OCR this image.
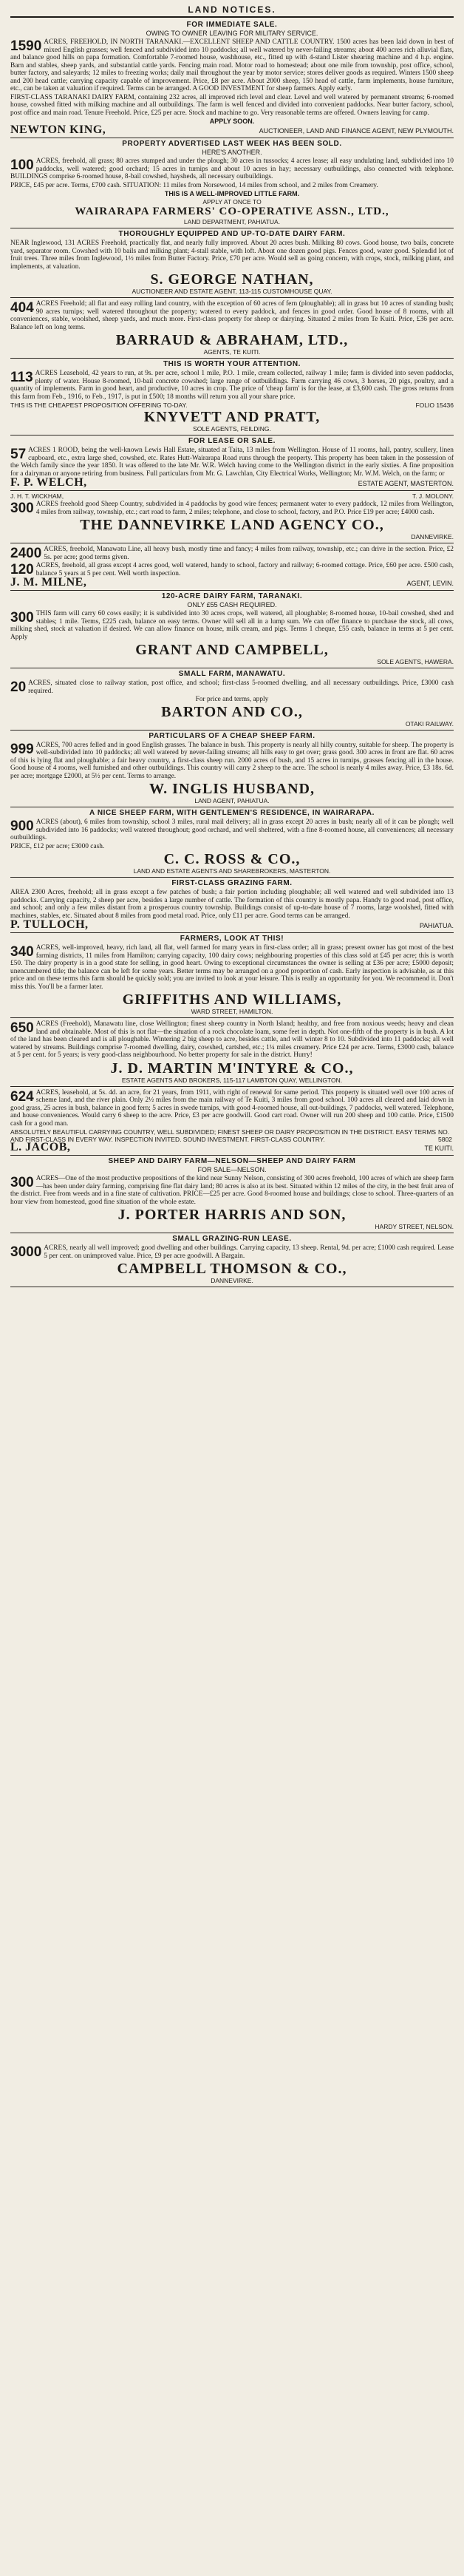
LAND NOTICES.
FOR IMMEDIATE SALE.
OWING TO OWNER LEAVING FOR MILITARY SERVICE.
1590 ACRES, FREEHOLD, IN NORTH TARANAKI.—EXCELLENT SHEEP AND CATTLE COUNTRY. 1500 acres has been laid down in best of mixed English grasses; well fenced and subdivided into 10 paddocks; all well watered by never-failing streams; about 400 acres rich alluvial flats, and balance good hills on papa formation. Comfortable 7-roomed house, washhouse, etc., fitted up with 4-stand Lister shearing machine and 4 h.p. engine. Barn and stables, sheep yards, and substantial cattle yards. Fencing main road. Motor road to homestead; about one mile from township, post office, school, butter factory, and saleyards; 12 miles to freezing works; daily mail throughout the year by motor service; stores deliver goods as required. Winters 1500 sheep and 200 head cattle; carrying capacity capable of improvement. Price, £8 per acre. About 2000 sheep, 150 head of cattle, farm implements, house furniture, etc., can be taken at valuation if required. Terms can be arranged. A GOOD INVESTMENT for sheep farmers. Apply early.
FIRST-CLASS TARANAKI DAIRY FARM, containing 232 acres, all improved rich level and clear. Level and well watered by permanent streams; 6-roomed house, cowshed fitted with milking machine and all outbuildings. The farm is well fenced and divided into convenient paddocks. Near butter factory, school, post office and main road. Tenure Freehold. Price, £25 per acre. Stock and machine to go. Very reasonable terms are offered. Owners leaving for camp.
APPLY SOON.
NEWTON KING,	AUCTIONEER, LAND AND FINANCE AGENT, NEW PLYMOUTH.
PROPERTY ADVERTISED LAST WEEK HAS BEEN SOLD.
HERE'S ANOTHER.
100 ACRES, freehold, all grass; 80 acres stumped and under the plough; 30 acres in tussocks; 4 acres lease; all easy undulating land, subdivided into 10 paddocks, well watered; good orchard; 15 acres in turnips and about 10 acres in hay; necessary outbuildings, also connected with telephone. BUILDINGS comprise 6-roomed house, 8-bail cowshed, haysheds, all necessary outbuildings.
PRICE, £45 per acre. Terms, £700 cash. SITUATION: 11 miles from Norsewood, 14 miles from school, and 2 miles from Creamery.
THIS IS A WELL-IMPROVED LITTLE FARM.
APPLY AT ONCE TO
WAIRARAPA FARMERS' CO-OPERATIVE ASSN., LTD.,
LAND DEPARTMENT, PAHIATUA.
THOROUGHLY EQUIPPED AND UP-TO-DATE DAIRY FARM.
NEAR Inglewood, 131 ACRES Freehold, practically flat, and nearly fully improved. About 20 acres bush. Milking 80 cows. Good house, two bails, concrete yard, separator room. Cowshed with 10 bails and milking plant; 4-stall stable, with loft. About one dozen good pigs. Fences good, water good. Splendid lot of fruit trees. Three miles from Inglewood, 1½ miles from Butter Factory. Price, £70 per acre. Would sell as going concern, with crops, stock, milking plant, and implements, at valuation.
S. GEORGE NATHAN,
AUCTIONEER AND ESTATE AGENT, 113-115 CUSTOMHOUSE QUAY.
404 ACRES Freehold; all flat and easy rolling land country, with the exception of 60 acres of fern (ploughable); all in grass but 10 acres of standing bush; 90 acres turnips; well watered throughout the property; watered to every paddock, and fences in good order. Good house of 8 rooms, with all conveniences, stable, woolshed, sheep yards, and much more. First-class property for sheep or dairying. Situated 2 miles from Te Kuiti. Price, £36 per acre. Balance left on long terms.
BARRAUD & ABRAHAM, LTD.,
AGENTS, TE KUITI.
THIS IS WORTH YOUR ATTENTION.
113 ACRES Leasehold, 42 years to run, at 9s. per acre, school 1 mile, P.O. 1 mile, cream collected, railway 1 mile; farm is divided into seven paddocks, plenty of water. House 8-roomed, 10-bail concrete cowshed; large range of outbuildings. Farm carrying 46 cows, 3 horses, 20 pigs, poultry, and a quantity of implements. Farm in good heart, and productive, 10 acres in crop. The price of 'cheap farm' is for the lease, at £3,600 cash. The gross returns from this farm from Feb., 1916, to Feb., 1917, is put in £500; 18 months will return you all your share price.
THIS IS THE CHEAPEST PROPOSITION OFFERING TO-DAY.	FOLIO 15436
KNYVETT AND PRATT,
SOLE AGENTS, FEILDING.
FOR LEASE OR SALE.
57 ACRES 1 ROOD, being the well-known Lewis Hall Estate, situated at Taita, 13 miles from Wellington. House of 11 rooms, hall, pantry, scullery, linen cupboard, etc., extra large shed, cowshed, etc. Rates Hutt-Wairarapa Road runs through the property. This property has been taken in the possession of the Welch family since the year 1850. It was offered to the late Mr. W.R. Welch having come to the Wellington district in the early sixties. A fine proposition for a dairyman or anyone retiring from business. Full particulars from Mr. G. Lawchlan, City Electrical Works, Wellington; Mr. W.M. Welch, on the farm; or
F. P. WELCH,	ESTATE AGENT, MASTERTON.
J. H. T. WICKHAM,	T. J. MOLONY.
300 ACRES freehold good Sheep Country, subdivided in 4 paddocks by good wire fences; permanent water to every paddock, 12 miles from Wellington, 4 miles from railway, township, etc.; cart road to farm, 2 miles; telephone, and close to school, factory, and P.O. Price £19 per acre; £4000 cash.
THE DANNEVIRKE LAND AGENCY CO.,
DANNEVIRKE.
2400 ACRES, freehold, Manawatu Line, all heavy bush, mostly time and fancy; 4 miles from railway, township, etc.; can drive in the section. Price, £2 5s. per acre; good terms given.
120 ACRES, freehold, all grass except 4 acres good, well watered, handy to school, factory and railway; 6-roomed cottage. Price, £60 per acre. £500 cash, balance 5 years at 5 per cent. Well worth inspection.
J. M. MILNE,	AGENT, LEVIN.
120-ACRE DAIRY FARM, TARANAKI.
ONLY £55 CASH REQUIRED.
300 THIS farm will carry 60 cows easily; it is subdivided into 30 acres crops, well watered, all ploughable; 8-roomed house, 10-bail cowshed, shed and stables; 1 mile. Terms, £225 cash, balance on easy terms. Owner will sell all in a lump sum. We can offer finance to purchase the stock, all cows, milking shed, stock at valuation if desired. We can allow finance on house, milk cream, and pigs. Terms 1 cheque, £55 cash, balance in terms at 5 per cent. Apply
GRANT AND CAMPBELL,
SOLE AGENTS, HAWERA.
SMALL FARM, MANAWATU.
20 ACRES, situated close to railway station, post office, and school; first-class 5-roomed dwelling, and all necessary outbuildings. Price, £3000 cash required.
For price and terms, apply
BARTON AND CO.,
OTAKI RAILWAY.
PARTICULARS OF A CHEAP SHEEP FARM.
999 ACRES, 700 acres felled and in good English grasses. The balance in bush. This property is nearly all hilly country, suitable for sheep. The property is well-subdivided into 10 paddocks; all well watered by never-failing streams; all hills easy to get over; grass good. 300 acres in front are flat. 60 acres of this is lying flat and ploughable; a fair heavy country, a first-class sheep run. 2000 acres of bush, and 15 acres in turnips, grasses fencing all in the house. Good house of 4 rooms, well furnished and other outbuildings. This country will carry 2 sheep to the acre. The school is nearly 4 miles away. Price, £3 18s. 6d. per acre; mortgage £2000, at 5½ per cent. Terms to arrange.
W. INGLIS HUSBAND,
LAND AGENT, PAHIATUA.
A NICE SHEEP FARM, WITH GENTLEMEN'S RESIDENCE, IN WAIRARAPA.
900 ACRES (about), 6 miles from township, school 3 miles, rural mail delivery; all in grass except 20 acres in bush; nearly all of it can be plough; well subdivided into 16 paddocks; well watered throughout; good orchard, and well sheltered, with a fine 8-roomed house, all conveniences; all necessary outbuildings.
PRICE, £12 per acre; £3000 cash.
C. C. ROSS & CO.,
LAND AND ESTATE AGENTS AND SHAREBROKERS, MASTERTON.
FIRST-CLASS GRAZING FARM.
AREA 2300 Acres, freehold; all in grass except a few patches of bush; a fair portion including ploughable; all well watered and well subdivided into 13 paddocks. Carrying capacity, 2 sheep per acre, besides a large number of cattle. The formation of this country is mostly papa. Handy to good road, post office, and school; and only a few miles distant from a prosperous country township. Buildings consist of up-to-date house of 7 rooms, large woolshed, fitted with machines, stables, etc. Situated about 8 miles from good metal road. Price, only £11 per acre. Good terms can be arranged.
P. TULLOCH,	PAHIATUA.
FARMERS, LOOK AT THIS!
340 ACRES, well-improved, heavy, rich land, all flat, well farmed for many years in first-class order; all in grass; present owner has got most of the best farming districts, 11 miles from Hamilton; carrying capacity, 100 dairy cows; neighbouring properties of this class sold at £45 per acre; this is worth £50. The dairy property is in a good state for selling, in good heart. Owing to exceptional circumstances the owner is selling at £36 per acre; £5000 deposit; unencumbered title; the balance can be left for some years. Better terms may be arranged on a good proportion of cash. Early inspection is advisable, as at this price and on these terms this farm should be quickly sold; you are invited to look at your leisure. This is really an opportunity for you. We recommend it. Don't miss this. You'll be a farmer later.
GRIFFITHS AND WILLIAMS,
WARD STREET, HAMILTON.
650 ACRES (Freehold), Manawatu line, close Wellington; finest sheep country in North Island; healthy, and free from noxious weeds; heavy and clean land and obtainable. Most of this is not flat—the situation of a rock chocolate loam, some feet in depth. Not one-fifth of the property is in bush. A lot of the land has been cleared and is all ploughable. Wintering 2 big sheep to acre, besides cattle, and will winter 8 to 10. Subdivided into 11 paddocks; all well watered by streams. Buildings comprise 7-roomed dwelling, dairy, cowshed, cartshed, etc.; 1¼ miles creamery. Price £24 per acre. Terms, £3000 cash, balance at 5 per cent. for 5 years; is very good-class neighbourhood. No better property for sale in the district. Hurry!
J. D. MARTIN M'INTYRE & CO.,
ESTATE AGENTS AND BROKERS, 115-117 LAMBTON QUAY, WELLINGTON.
624 ACRES, leasehold, at 5s. 4d. an acre, for 21 years, from 1911, with right of renewal for same period. This property is situated well over 100 acres of scheme land, and the river plain. Only 2½ miles from the main railway of Te Kuiti, 3 miles from good school. 100 acres all cleared and laid down in good grass, 25 acres in bush, balance in good fern; 5 acres in swede turnips, with good 4-roomed house, all out-buildings, 7 paddocks, well watered. Telephone, and house conveniences. Would carry 6 sheep to the acre. Price, £3 per acre goodwill. Good cart road. Owner will run 200 sheep and 100 cattle. Price, £1500 cash for a good man.
ABSOLUTELY BEAUTIFUL CARRYING COUNTRY, WELL SUBDIVIDED; FINEST SHEEP OR DAIRY PROPOSITION IN THE DISTRICT. EASY TERMS AND FIRST-CLASS IN EVERY WAY. INSPECTION INVITED. SOUND INVESTMENT. FIRST-CLASS COUNTRY.
NO. 5802
L. JACOB,	TE KUITI.
SHEEP AND DAIRY FARM—NELSON—SHEEP AND DAIRY FARM
FOR SALE—NELSON.
300 ACRES—One of the most productive propositions of the kind near Sunny Nelson, consisting of 300 acres freehold, 100 acres of which are sheep farm—has been under dairy farming, comprising fine flat dairy land; 80 acres is also at its best. Situated within 12 miles of the city, in the best fruit area of the district. Free from weeds and in a fine state of cultivation. PRICE—£25 per acre. Good 8-roomed house and buildings; close to school. Three-quarters of an hour view from homestead, good fine situation of the whole estate.
J. PORTER HARRIS AND SON,
HARDY STREET, NELSON.
SMALL GRAZING-RUN LEASE.
3000 ACRES, nearly all well improved; good dwelling and other buildings. Carrying capacity, 13 sheep. Rental, 9d. per acre; £1000 cash required. Lease 5 per cent. on unimproved value. Price, £9 per acre goodwill. A Bargain.
CAMPBELL THOMSON & CO.,
DANNEVIRKE.
